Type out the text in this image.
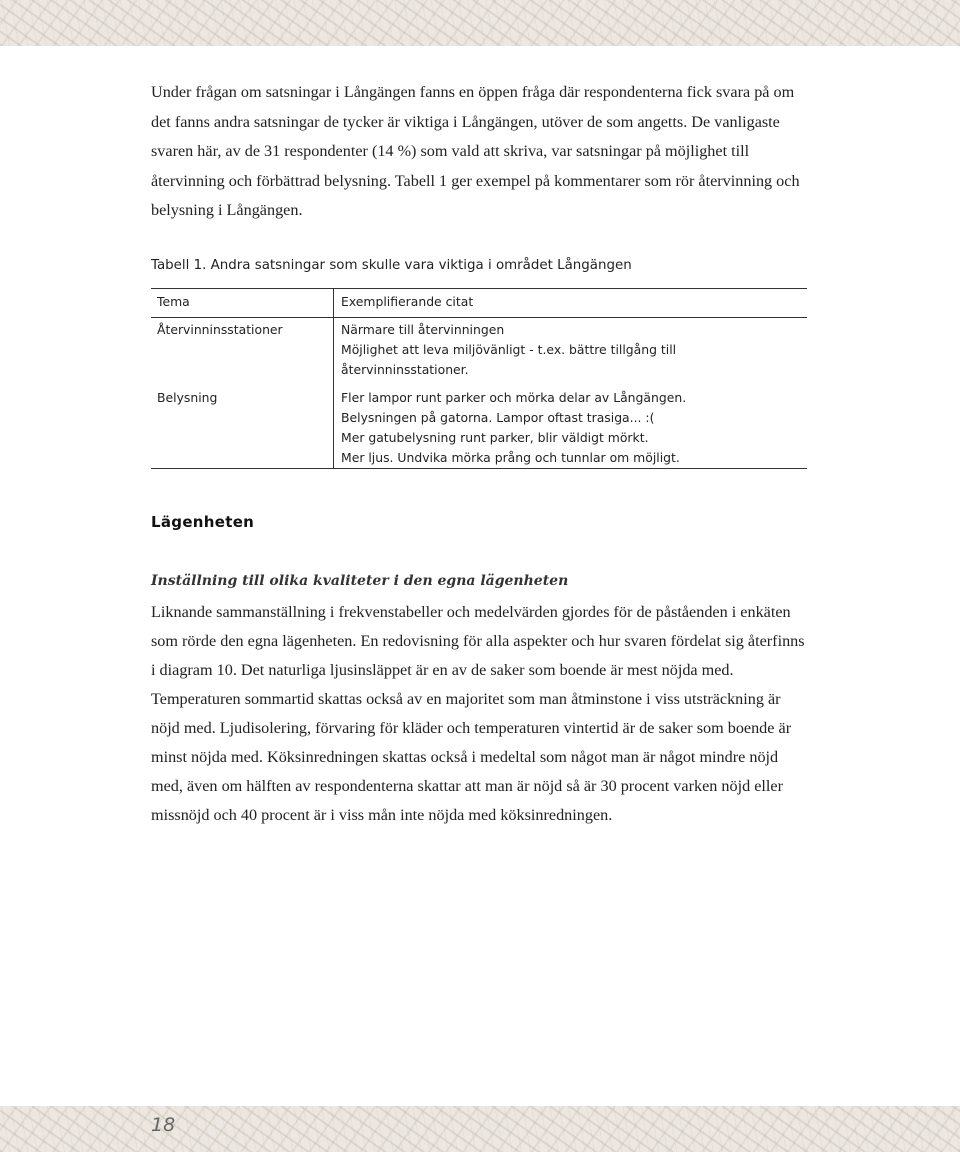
Under frågan om satsningar i Långängen fanns en öppen fråga där respondenterna fick svara på om det fanns andra satsningar de tycker är viktiga i Långängen, utöver de som angetts. De vanligaste svaren här, av de 31 respondenter (14 %) som vald att skriva, var satsningar på möjlighet till återvinning och förbättrad belysning. Tabell 1 ger exempel på kommentarer som rör återvinning och belysning i Långängen.

Tabell 1. Andra satsningar som skulle vara viktiga i området Långängen

Tema	Exemplifierande citat
Återvinninsstationer	Närmare till återvinningen
Möjlighet att leva miljövänligt - t.ex. bättre tillgång till återvinninsstationer.

Belysning	Fler lampor runt parker och mörka delar av Långängen.
Belysningen på gatorna. Lampor oftast trasiga... :(
Mer gatubelysning runt parker, blir väldigt mörkt.
Mer ljus. Undvika mörka prång och tunnlar om möjligt.
Lägenheten
Inställning till olika kvaliteter i den egna lägenheten

Liknande sammanställning i frekvenstabeller och medelvärden gjordes för de påståenden i enkäten som rörde den egna lägenheten. En redovisning för alla aspekter och hur svaren fördelat sig återfinns i diagram 10. Det naturliga ljusinsläppet är en av de saker som boende är mest nöjda med. Temperaturen sommartid skattas också av en majoritet som man åtminstone i viss utsträckning är nöjd med. Ljudisolering, förvaring för kläder och temperaturen vintertid är de saker som boende är minst nöjda med. Köksinredningen skattas också i medeltal som något man är något mindre nöjd med, även om hälften av respondenterna skattar att man är nöjd så är 30 procent varken nöjd eller missnöjd och 40 procent är i viss mån inte nöjda med köksinredningen.

18
